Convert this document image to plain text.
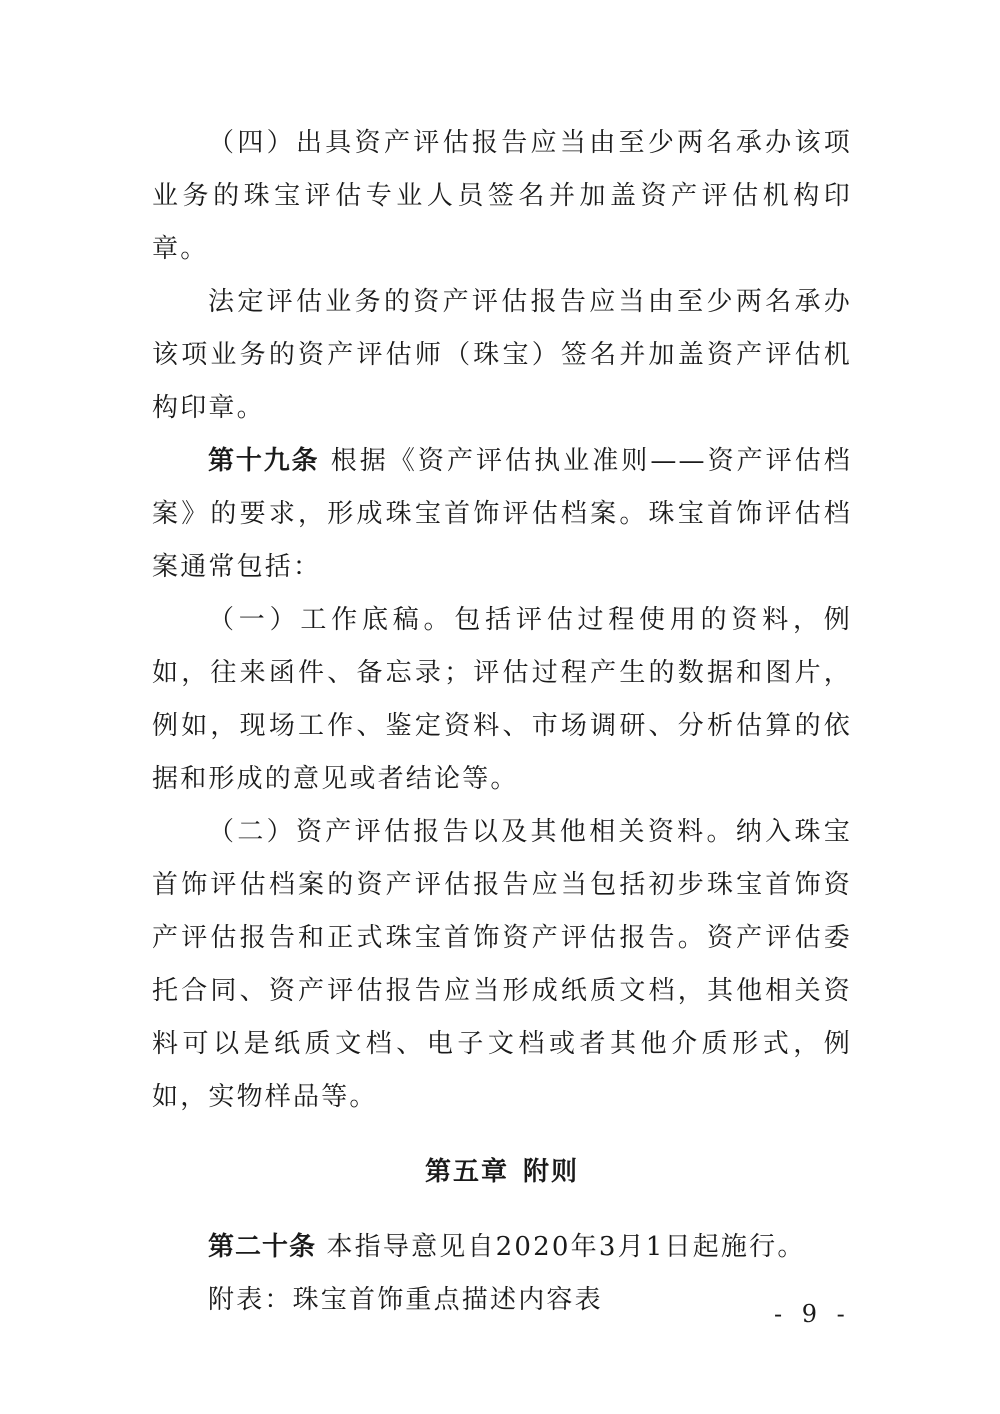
（四）出具资产评估报告应当由至少两名承办该项业务的珠宝评估专业人员签名并加盖资产评估机构印章。

法定评估业务的资产评估报告应当由至少两名承办该项业务的资产评估师（珠宝）签名并加盖资产评估机构印章。

第十九条 根据《资产评估执业准则——资产评估档案》的要求，形成珠宝首饰评估档案。珠宝首饰评估档案通常包括：

（一）工作底稿。包括评估过程使用的资料，例如，往来函件、备忘录；评估过程产生的数据和图片，例如，现场工作、鉴定资料、市场调研、分析估算的依据和形成的意见或者结论等。

（二）资产评估报告以及其他相关资料。纳入珠宝首饰评估档案的资产评估报告应当包括初步珠宝首饰资产评估报告和正式珠宝首饰资产评估报告。资产评估委托合同、资产评估报告应当形成纸质文档，其他相关资料可以是纸质文档、电子文档或者其他介质形式，例如，实物样品等。

第五章 附则

第二十条 本指导意见自2020年3月1日起施行。

附表：珠宝首饰重点描述内容表	- 9 -
